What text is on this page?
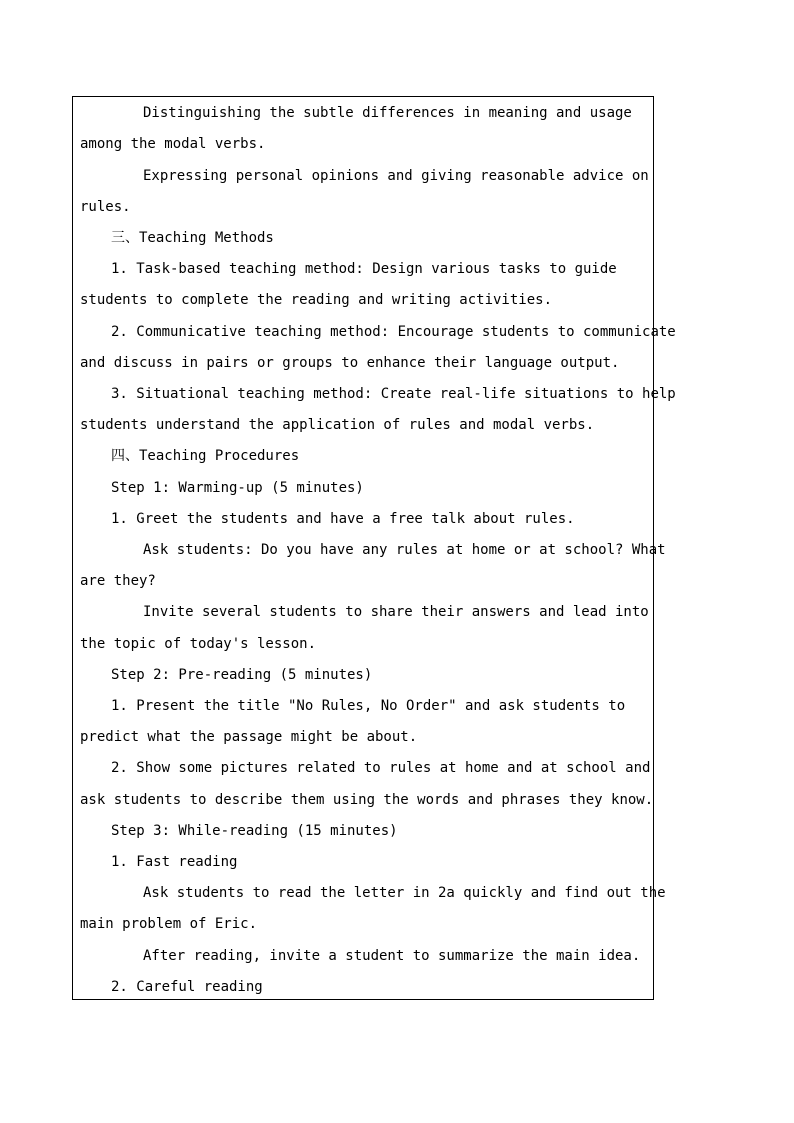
Distinguishing the subtle differences in meaning and usage
among the modal verbs.
Expressing personal opinions and giving reasonable advice on
rules.
三、Teaching Methods
1. Task-based teaching method: Design various tasks to guide
students to complete the reading and writing activities.
2. Communicative teaching method: Encourage students to communicate
and discuss in pairs or groups to enhance their language output.
3. Situational teaching method: Create real-life situations to help
students understand the application of rules and modal verbs.
四、Teaching Procedures
Step 1: Warming-up (5 minutes)
1. Greet the students and have a free talk about rules.
Ask students: Do you have any rules at home or at school? What
are they?
Invite several students to share their answers and lead into
the topic of today's lesson.
Step 2: Pre-reading (5 minutes)
1. Present the title "No Rules, No Order" and ask students to
predict what the passage might be about.
2. Show some pictures related to rules at home and at school and
ask students to describe them using the words and phrases they know.
Step 3: While-reading (15 minutes)
1. Fast reading
Ask students to read the letter in 2a quickly and find out the
main problem of Eric.
After reading, invite a student to summarize the main idea.
2. Careful reading
